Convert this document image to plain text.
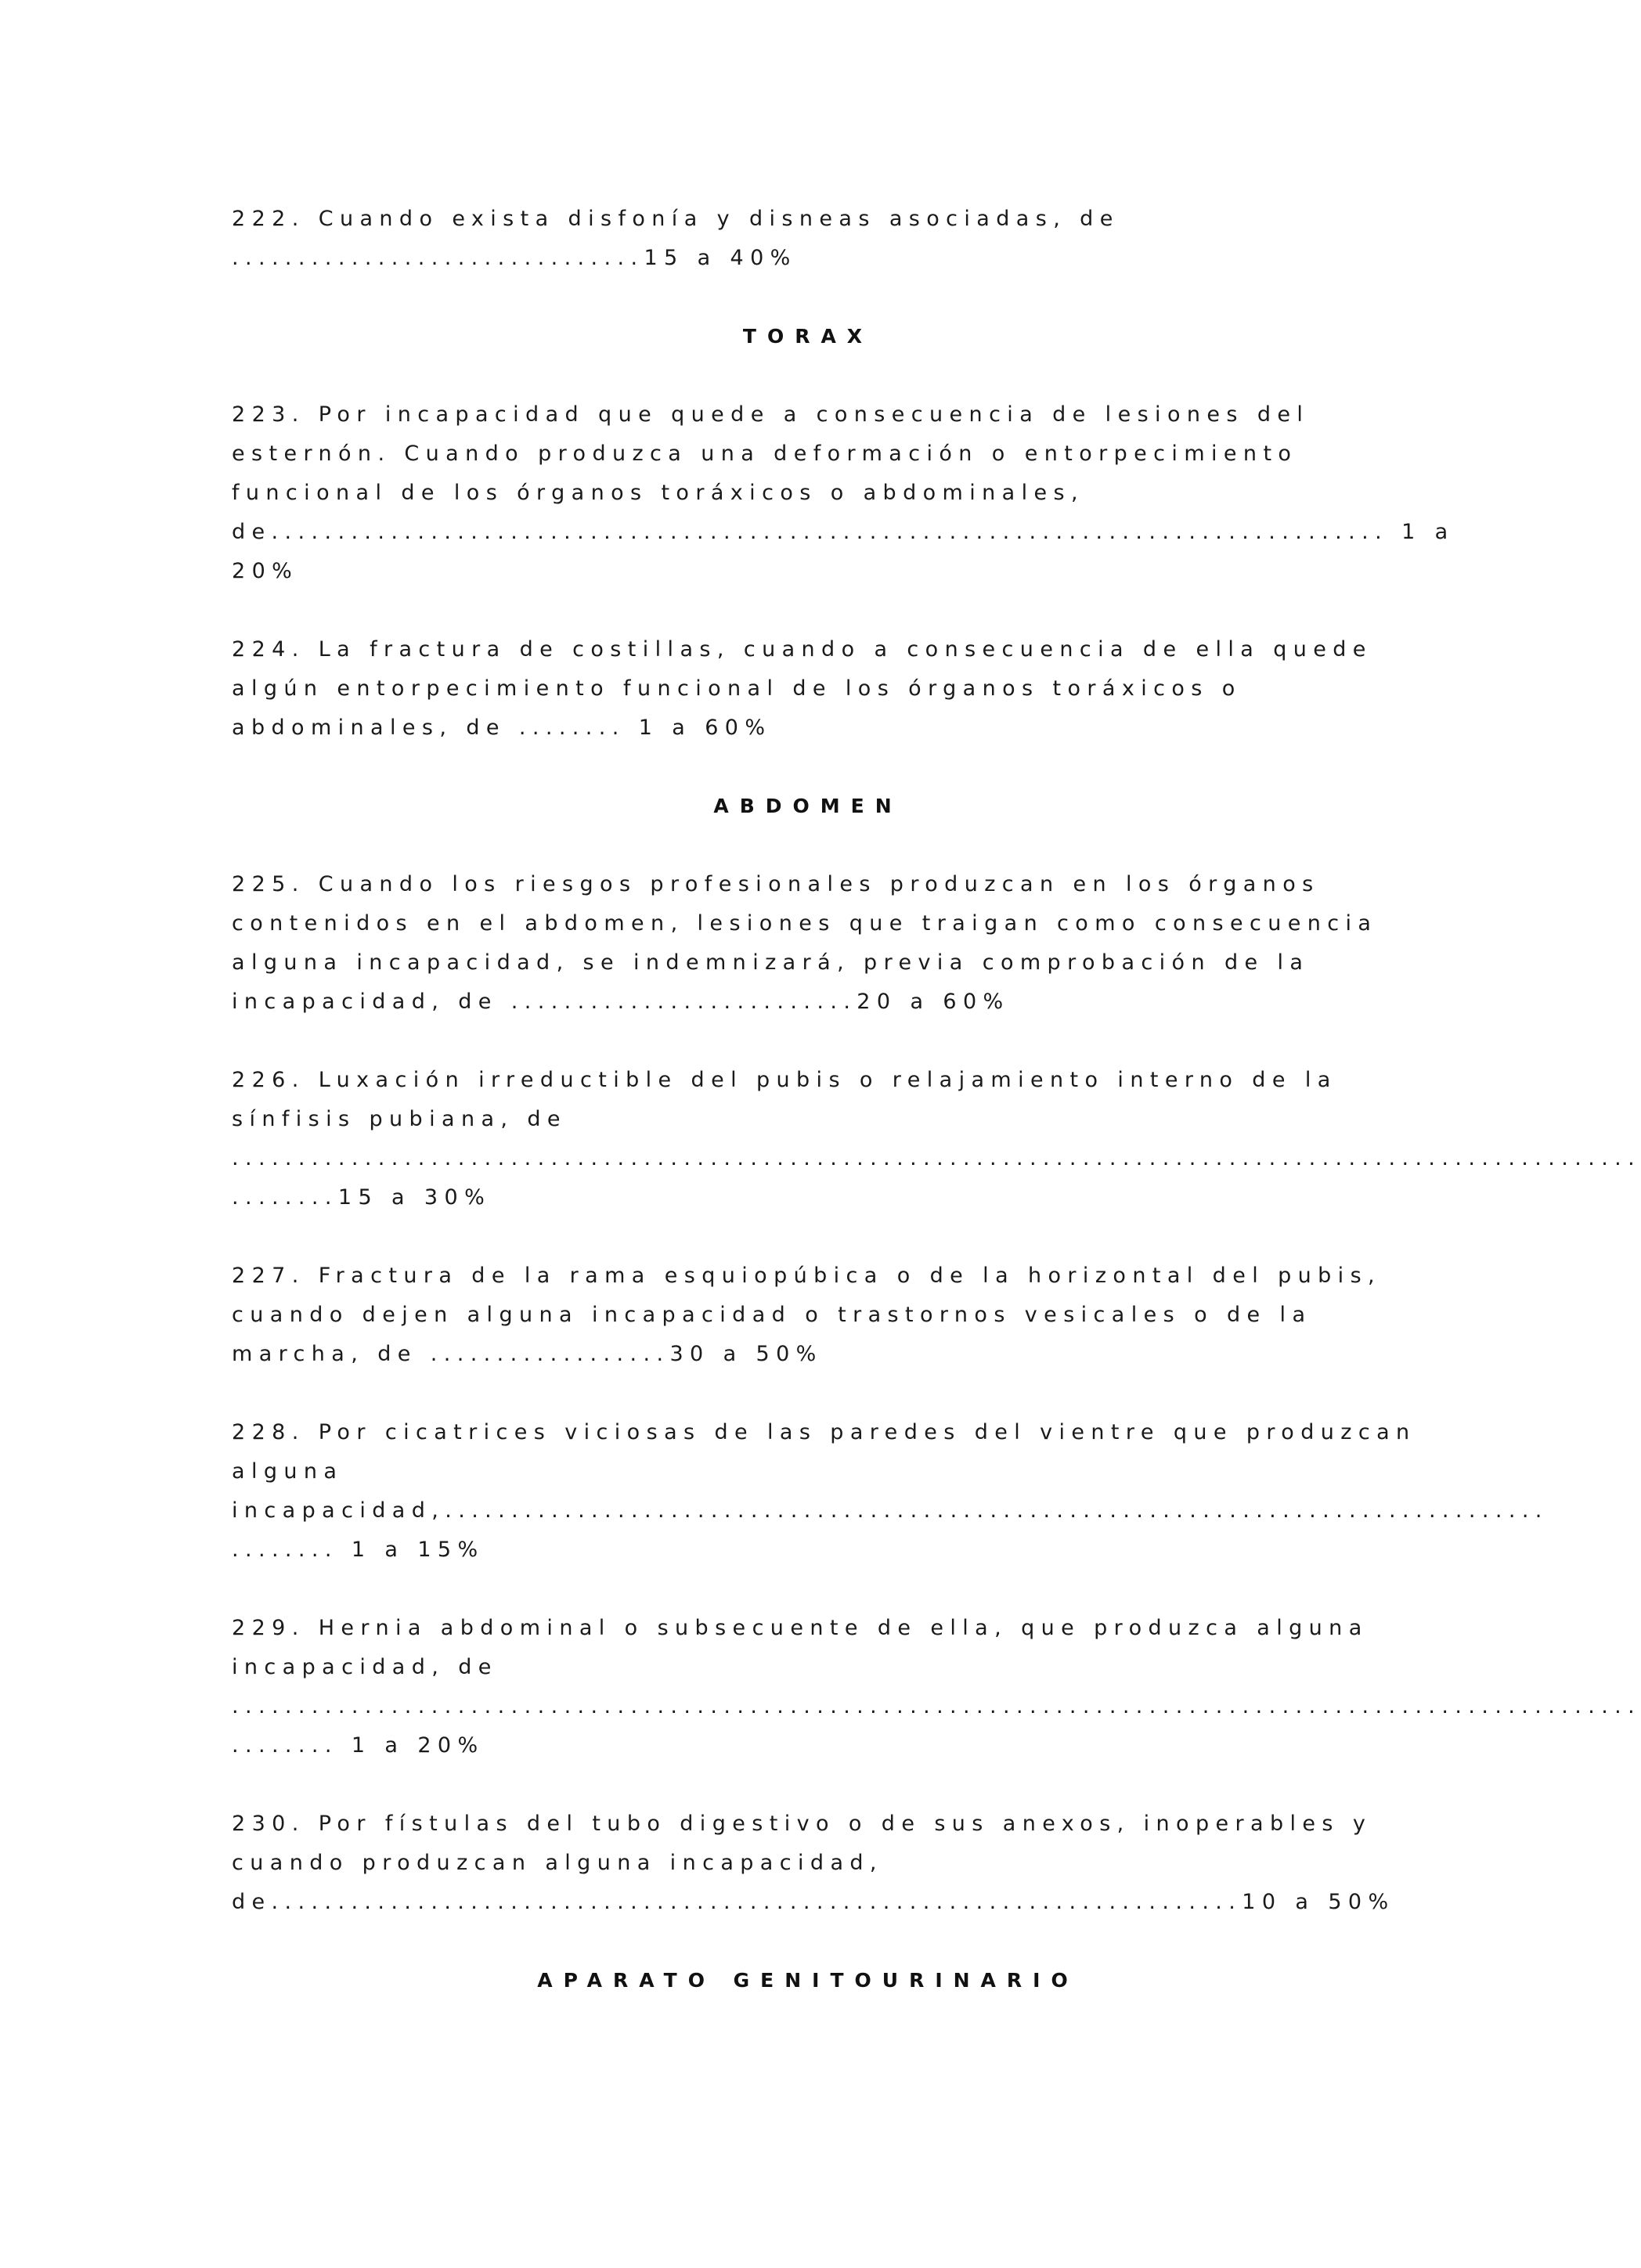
222. Cuando exista disfonía y disneas asociadas, de
...............................15 a 40%
TORAX
223. Por incapacidad que quede a consecuencia de lesiones del
esternón. Cuando produzca una deformación o entorpecimiento
funcional de los órganos toráxicos o abdominales,
de.................................................................................... 1 a
20%
224. La fractura de costillas, cuando a consecuencia de ella quede
algún entorpecimiento funcional de los órganos toráxicos o
abdominales, de ........ 1 a 60%
ABDOMEN
225. Cuando los riesgos profesionales produzcan en los órganos
contenidos en el abdomen, lesiones que traigan como consecuencia
alguna incapacidad, se indemnizará, previa comprobación de la
incapacidad, de ..........................20 a 60%
226. Luxación irreductible del pubis o relajamiento interno de la
sínfisis pubiana, de
..........................................................................................................
........15 a 30%
227. Fractura de la rama esquiopúbica o de la horizontal del pubis,
cuando dejen alguna incapacidad o trastornos vesicales o de la
marcha, de ..................30 a 50%
228. Por cicatrices viciosas de las paredes del vientre que produzcan
alguna
incapacidad,...................................................................................
........ 1 a 15%
229. Hernia abdominal o subsecuente de ella, que produzca alguna
incapacidad, de
..........................................................................................................
........ 1 a 20%
230. Por fístulas del tubo digestivo o de sus anexos, inoperables y
cuando produzcan alguna incapacidad,
de.........................................................................10 a 50%
APARATO GENITOURINARIO
